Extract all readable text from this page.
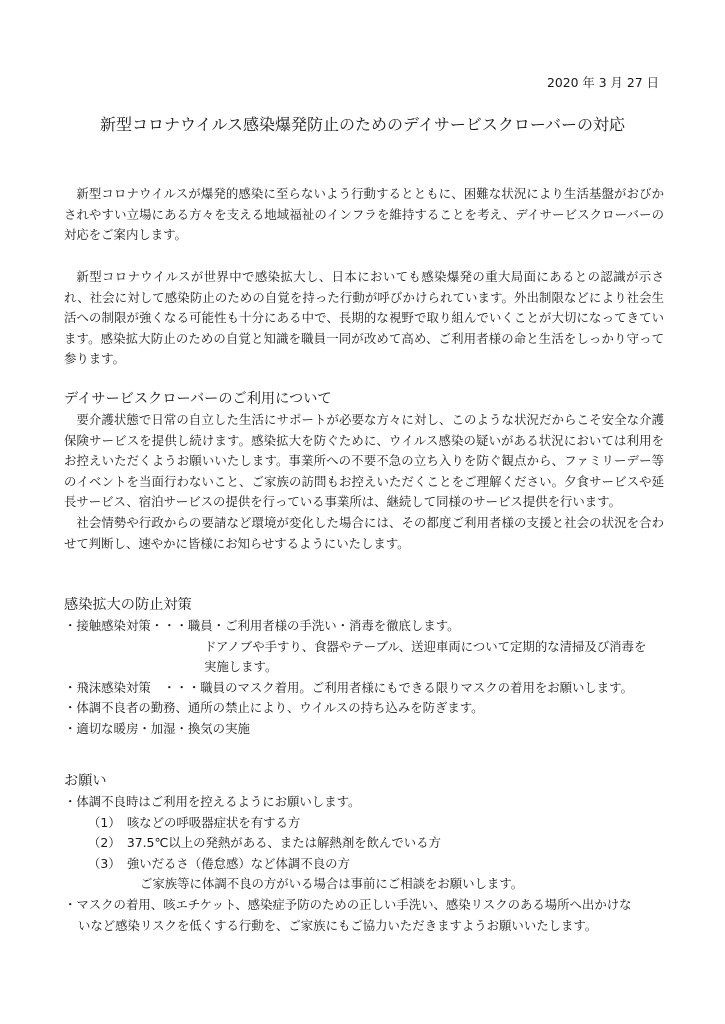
2020 年 3 月 27 日
新型コロナウイルス感染爆発防止のためのデイサービスクローバーの対応

新型コロナウイルスが爆発的感染に至らないよう行動するとともに、困難な状況により生活基盤がおびかされやすい立場にある方々を支える地域福祉のインフラを維持することを考え、デイサービスクローバーの対応をご案内します。

新型コロナウイルスが世界中で感染拡大し、日本においても感染爆発の重大局面にあるとの認識が示され、社会に対して感染防止のための自覚を持った行動が呼びかけられています。外出制限などにより社会生活への制限が強くなる可能性も十分にある中で、長期的な視野で取り組んでいくことが大切になってきています。感染拡大防止のための自覚と知識を職員一同が改めて高め、ご利用者様の命と生活をしっかり守って参ります。

デイサービスクローバーのご利用について

要介護状態で日常の自立した生活にサポートが必要な方々に対し、このような状況だからこそ安全な介護保険サービスを提供し続けます。感染拡大を防ぐために、ウイルス感染の疑いがある状況においては利用をお控えいただくようお願いいたします。事業所への不要不急の立ち入りを防ぐ観点から、ファミリーデー等のイベントを当面行わないこと、ご家族の訪問もお控えいただくことをご理解ください。夕食サービスや延長サービス、宿泊サービスの提供を行っている事業所は、継続して同様のサービス提供を行います。

社会情勢や行政からの要請など環境が変化した場合には、その都度ご利用者様の支援と社会の状況を合わせて判断し、速やかに皆様にお知らせするようにいたします。

感染拡大の防止対策

・接触感染対策・・・職員・ご利用者様の手洗い・消毒を徹底します。

ドアノブや手すり、食器やテーブル、送迎車両について定期的な清掃及び消毒を

実施します。

・飛沫感染対策　・・・職員のマスク着用。ご利用者様にもできる限りマスクの着用をお願いします。

・体調不良者の勤務、通所の禁止により、ウイルスの持ち込みを防ぎます。

・適切な暖房・加湿・換気の実施

お願い

・体調不良時はご利用を控えるようにお願いします。

（1）　咳などの呼吸器症状を有する方

（2）　37.5℃以上の発熱がある、または解熱剤を飲んでいる方

（3）　強いだるさ（倦怠感）など体調不良の方

ご家族等に体調不良の方がいる場合は事前にご相談をお願いします。

・マスクの着用、咳エチケット、感染症予防のための正しい手洗い、感染リスクのある場所へ出かけな

いなど感染リスクを低くする行動を、ご家族にもご協力いただきますようお願いいたします。
